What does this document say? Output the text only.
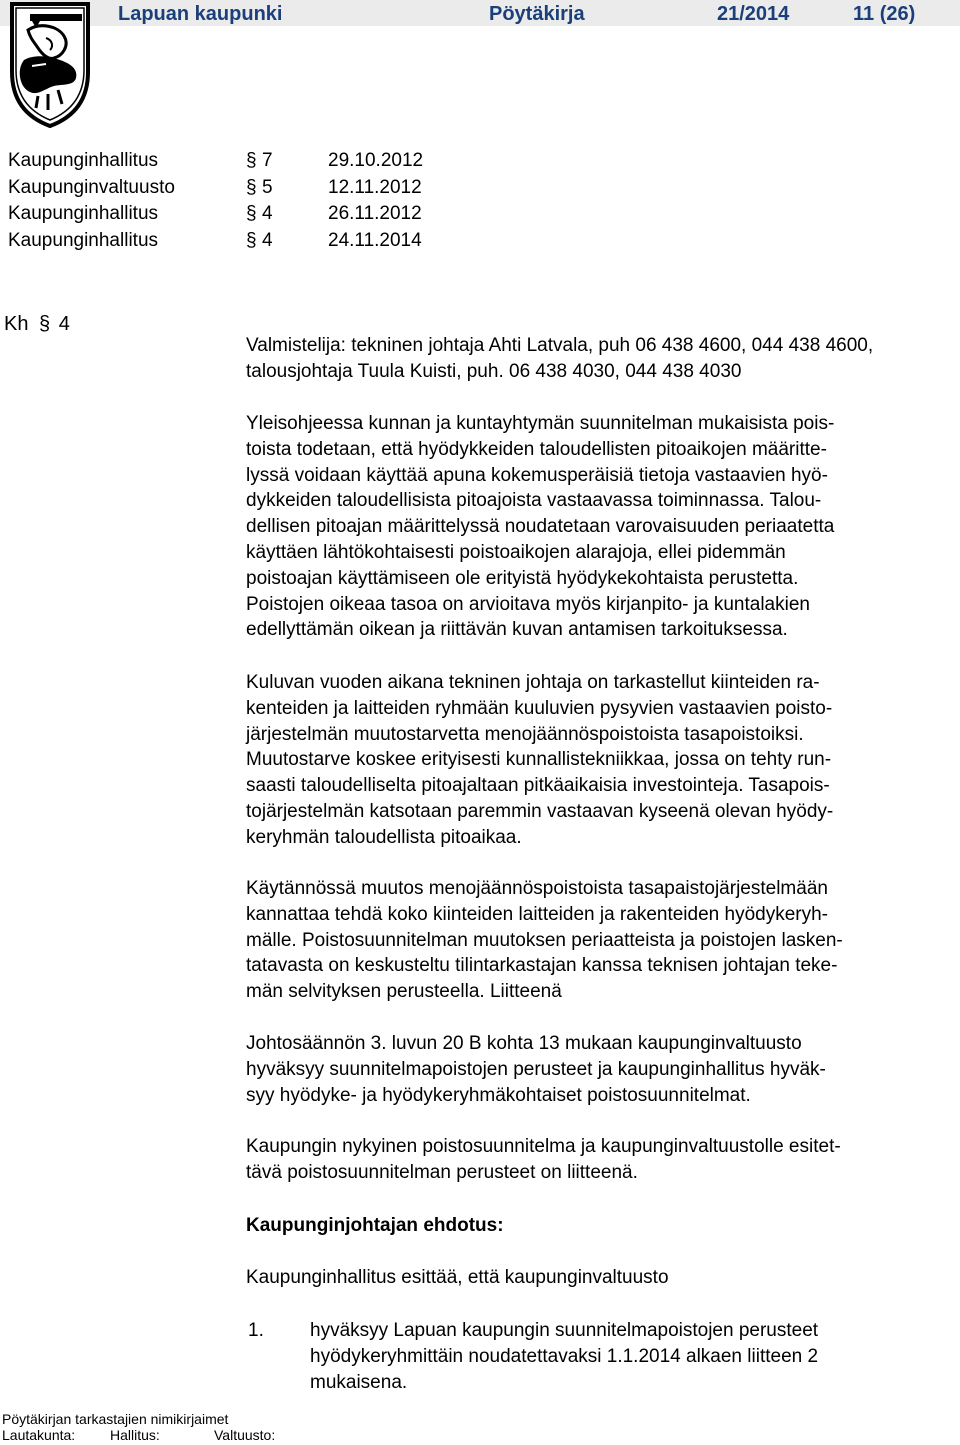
Lapuan kaupunki	Pöytäkirja	21/2014	11 (26)
Kaupunginhallitus	§ 7	29.10.2012
Kaupunginvaltuusto	§ 5	12.11.2012
Kaupunginhallitus	§ 4	26.11.2012
Kaupunginhallitus	§ 4	24.11.2014
Kh § 4
Valmistelija: tekninen johtaja Ahti Latvala, puh 06 438 4600, 044 438 4600,
talousjohtaja Tuula Kuisti, puh. 06 438 4030, 044 438 4030
Yleisohjeessa kunnan ja kuntayhtymän suunnitelman mukaisista pois-
toista todetaan, että hyödykkeiden taloudellisten pitoaikojen määritte-
lyssä voidaan käyttää apuna kokemusperäisiä tietoja vastaavien hyö-
dykkeiden taloudellisista pitoajoista vastaavassa toiminnassa. Talou-
dellisen pitoajan määrittelyssä noudatetaan varovaisuuden periaatetta
käyttäen lähtökohtaisesti poistoaikojen alarajoja, ellei pidemmän
poistoajan käyttämiseen ole erityistä hyödykekohtaista perustetta.
Poistojen oikeaa tasoa on arvioitava myös kirjanpito- ja kuntalakien
edellyttämän oikean ja riittävän kuvan antamisen tarkoituksessa.
Kuluvan vuoden aikana tekninen johtaja on tarkastellut kiinteiden ra-
kenteiden ja laitteiden ryhmään kuuluvien pysyvien vastaavien poisto-
järjestelmän muutostarvetta menojäännöspoistoista tasapoistoiksi.
Muutostarve koskee erityisesti kunnallistekniikkaa, jossa on tehty run-
saasti taloudelliselta pitoajaltaan pitkäaikaisia investointeja. Tasapois-
tojärjestelmän katsotaan paremmin vastaavan kyseenä olevan hyödy-
keryhmän taloudellista pitoaikaa.
Käytännössä muutos menojäännöspoistoista tasapaistojärjestelmään
kannattaa tehdä koko kiinteiden laitteiden ja rakenteiden hyödykeryh-
mälle. Poistosuunnitelman muutoksen periaatteista ja poistojen lasken-
tatavasta on keskusteltu tilintarkastajan kanssa teknisen johtajan teke-
män selvityksen perusteella. Liitteenä
Johtosäännön 3. luvun 20 B kohta 13 mukaan kaupunginvaltuusto
hyväksyy suunnitelmapoistojen perusteet ja kaupunginhallitus hyväk-
syy hyödyke- ja hyödykeryhmäkohtaiset poistosuunnitelmat.
Kaupungin nykyinen poistosuunnitelma ja kaupunginvaltuustolle esitet-
tävä poistosuunnitelman perusteet on liitteenä.
Kaupunginjohtajan ehdotus:
Kaupunginhallitus esittää, että kaupunginvaltuusto
1. hyväksyy Lapuan kaupungin suunnitelmapoistojen perusteet
hyödykeryhmittäin noudatettavaksi 1.1.2014 alkaen liitteen 2
mukaisena.
Pöytäkirjan tarkastajien nimikirjaimet
Lautakunta: Hallitus:	Valtuusto:
